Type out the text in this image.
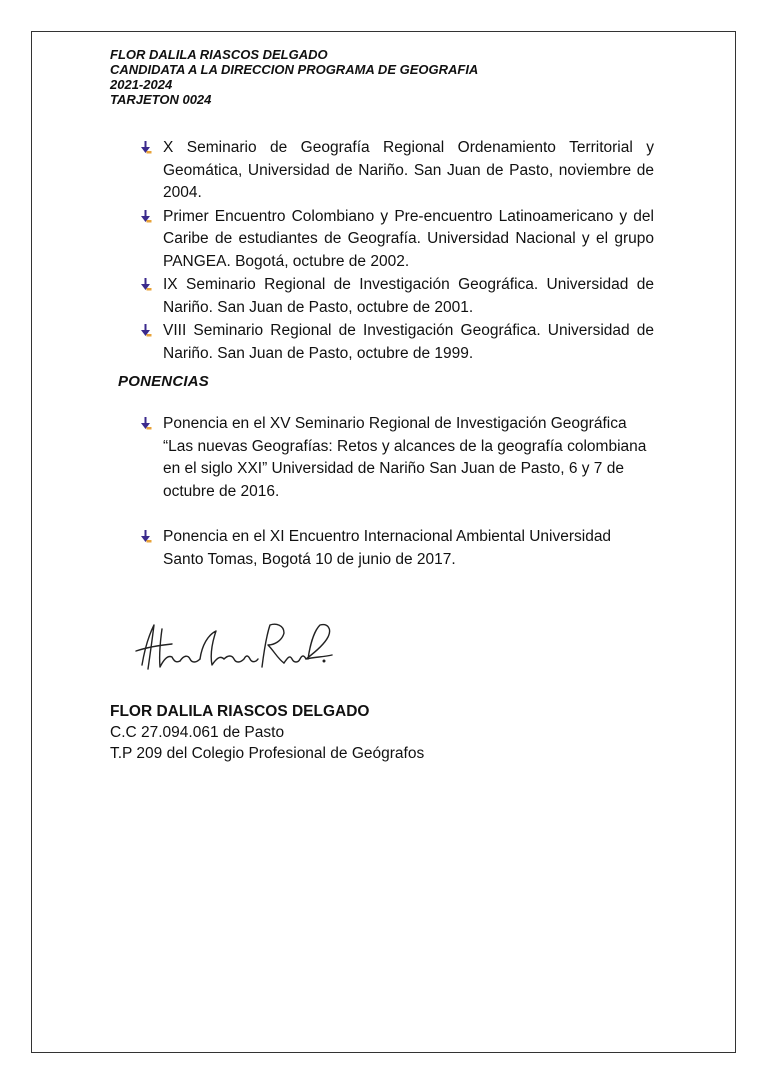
FLOR DALILA RIASCOS DELGADO
CANDIDATA A LA DIRECCION PROGRAMA DE GEOGRAFIA
2021-2024
TARJETON 0024
X Seminario de Geografía Regional Ordenamiento Territorial y Geomática, Universidad de Nariño. San Juan de Pasto, noviembre de 2004.
Primer Encuentro Colombiano y Pre-encuentro Latinoamericano y del Caribe de estudiantes de Geografía. Universidad Nacional y el grupo PANGEA. Bogotá, octubre de 2002.
IX Seminario Regional de Investigación Geográfica. Universidad de Nariño. San Juan de Pasto, octubre de 2001.
VIII Seminario Regional de Investigación Geográfica. Universidad de Nariño. San Juan de Pasto, octubre de 1999.
PONENCIAS
Ponencia en el XV Seminario Regional de Investigación Geográfica “Las nuevas Geografías: Retos y alcances de la geografía colombiana en el siglo XXI” Universidad de Nariño San Juan de Pasto, 6 y 7 de octubre de 2016.
Ponencia en el XI Encuentro Internacional Ambiental Universidad Santo Tomas, Bogotá 10 de junio de 2017.
FLOR DALILA RIASCOS DELGADO
C.C 27.094.061 de Pasto
T.P 209 del Colegio Profesional de Geógrafos
